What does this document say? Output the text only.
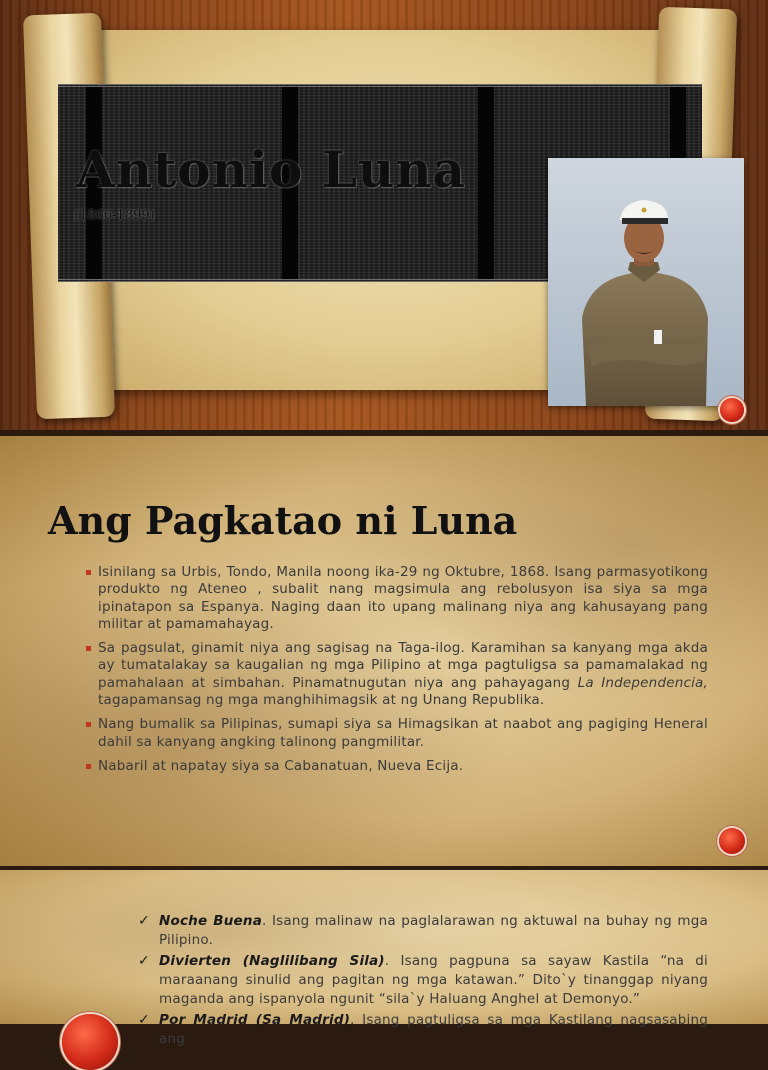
Antonio Luna
(1866-1899)
Ang Pagkatao ni Luna
Isinilang sa Urbis, Tondo, Manila noong ika-29 ng Oktubre, 1868. Isang parmasyotikong produkto ng Ateneo , subalit nang magsimula ang rebolusyon isa siya sa mga ipinatapon sa Espanya. Naging daan ito upang malinang niya ang kahusayang pang militar at pamamahayag.
Sa pagsulat, ginamit niya ang sagisag na Taga-ilog. Karamihan sa kanyang mga akda ay tumatalakay sa kaugalian ng mga Pilipino at mga pagtuligsa sa pamamalakad ng pamahalaan at simbahan. Pinamatnugutan niya ang pahayagang La Independencia, tagapamansag ng mga manghihimagsik at ng Unang Republika.
Nang bumalik sa Pilipinas, sumapi siya sa Himagsikan at naabot ang pagiging Heneral dahil sa kanyang angking talinong pangmilitar.
Nabaril at napatay siya sa Cabanatuan, Nueva Ecija.
✓ Noche Buena. Isang malinaw na paglalarawan ng aktuwal na buhay ng mga Pilipino.
✓ Divierten (Naglilibang Sila). Isang pagpuna sa sayaw Kastila “na di maraanang sinulid ang pagitan ng mga katawan.” Dito`y tinanggap niyang maganda ang ispanyola ngunit “sila`y Haluang Anghel at Demonyo.”
✓ Por Madrid (Sa Madrid). Isang pagtuligsa sa mga Kastilang nagsasabing ang
